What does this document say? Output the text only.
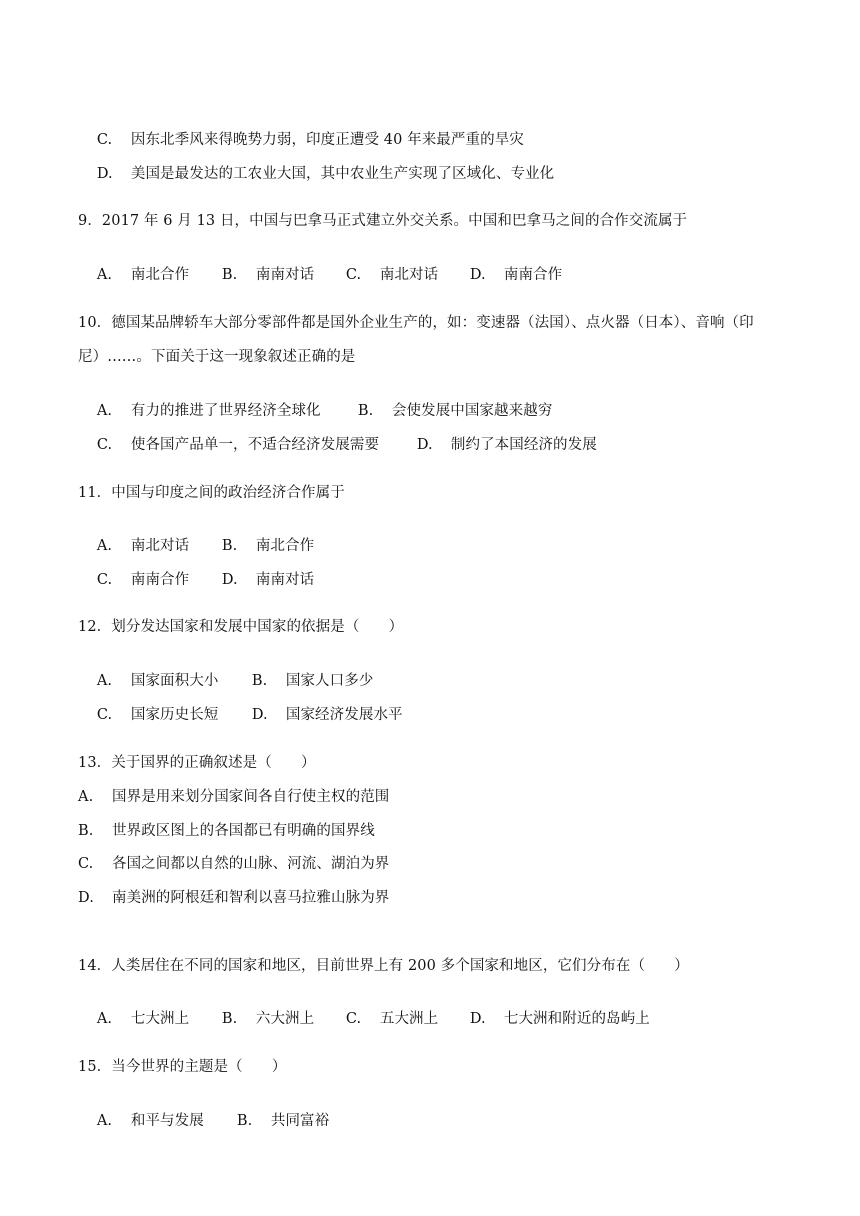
C. 因东北季风来得晚势力弱，印度正遭受 40 年来最严重的旱灾

D. 美国是最发达的工农业大国，其中农业生产实现了区域化、专业化

9．2017 年 6 月 13 日，中国与巴拿马正式建立外交关系。中国和巴拿马之间的合作交流属于

A. 南北合作 B. 南南对话 C. 南北对话 D. 南南合作

10．德国某品牌轿车大部分零部件都是国外企业生产的，如：变速器（法国）、点火器（日本）、音响（印
尼）……。下面关于这一现象叙述正确的是

A. 有力的推进了世界经济全球化	B. 会使发展中国家越来越穷

C. 使各国产品单一，不适合经济发展需要	D. 制约了本国经济的发展

11．中国与印度之间的政治经济合作属于

A. 南北对话 B. 南北合作

C. 南南合作 D. 南南对话

12．划分发达国家和发展中国家的依据是（　　）

A. 国家面积大小 B. 国家人口多少

C. 国家历史长短 D. 国家经济发展水平

13．关于国界的正确叙述是（　　）
A. 国界是用来划分国家间各自行使主权的范围
B. 世界政区图上的各国都已有明确的国界线
C. 各国之间都以自然的山脉、河流、湖泊为界
D. 南美洲的阿根廷和智利以喜马拉雅山脉为界
14．人类居住在不同的国家和地区，目前世界上有 200 多个国家和地区，它们分布在（　　）

A. 七大洲上 B. 六大洲上 C. 五大洲上 D. 七大洲和附近的岛屿上

15．当今世界的主题是（　　）

A. 和平与发展 B. 共同富裕
